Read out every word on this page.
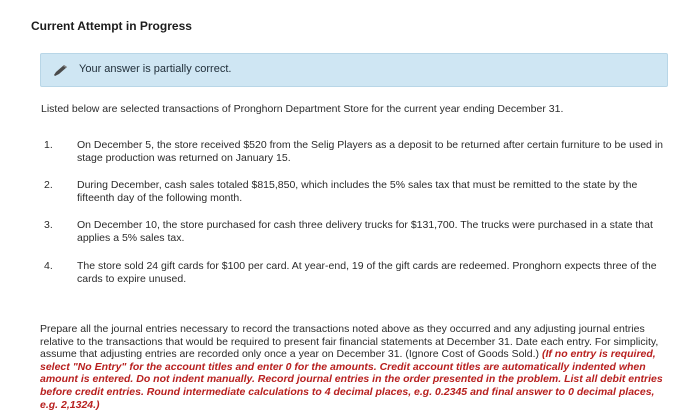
Current Attempt in Progress
Your answer is partially correct.
Listed below are selected transactions of Pronghorn Department Store for the current year ending December 31.
1.	On December 5, the store received $520 from the Selig Players as a deposit to be returned after certain furniture to be used in stage production was returned on January 15.
2.	During December, cash sales totaled $815,850, which includes the 5% sales tax that must be remitted to the state by the fifteenth day of the following month.
3.	On December 10, the store purchased for cash three delivery trucks for $131,700. The trucks were purchased in a state that applies a 5% sales tax.
4.	The store sold 24 gift cards for $100 per card. At year-end, 19 of the gift cards are redeemed. Pronghorn expects three of the cards to expire unused.
Prepare all the journal entries necessary to record the transactions noted above as they occurred and any adjusting journal entries relative to the transactions that would be required to present fair financial statements at December 31. Date each entry. For simplicity, assume that adjusting entries are recorded only once a year on December 31. (Ignore Cost of Goods Sold.) (If no entry is required, select "No Entry" for the account titles and enter 0 for the amounts. Credit account titles are automatically indented when amount is entered. Do not indent manually. Record journal entries in the order presented in the problem. List all debit entries before credit entries. Round intermediate calculations to 4 decimal places, e.g. 0.2345 and final answer to 0 decimal places, e.g. 2,1324.)
